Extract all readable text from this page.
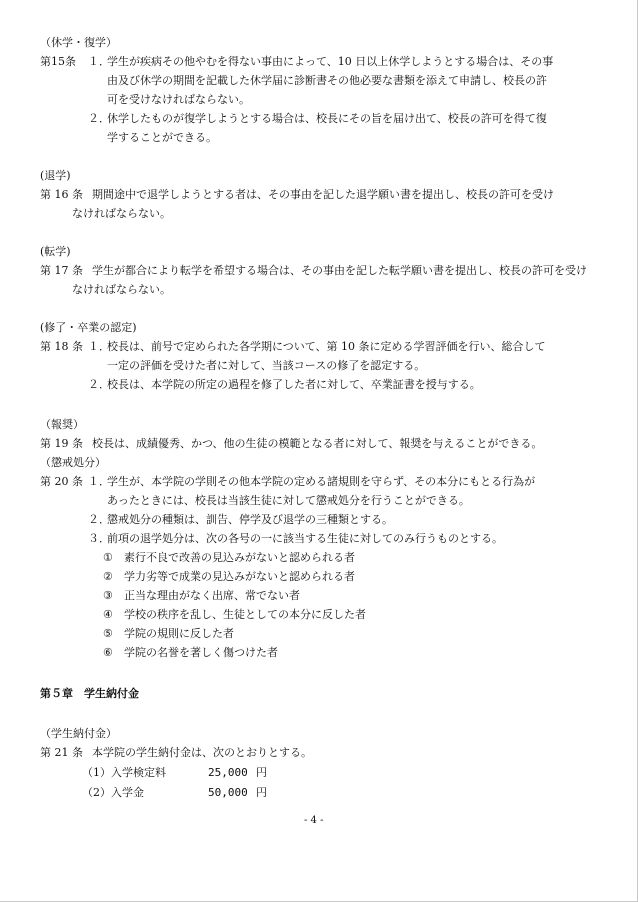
（休学・復学）
第15条 １．
学生が疾病その他やむを得ない事由によって、10 日以上休学しようとする場合は、その事
由及び休学の期間を記載した休学届に診断書その他必要な書類を添えて申請し、校長の許
可を受けなければならない。
２．
休学したものが復学しようとする場合は、校長にその旨を届け出て、校長の許可を得て復
学することができる。
(退学)
第 16 条 期間途中で退学しようとする者は、その事由を記した退学願い書を提出し、校長の許可を受け
なければならない。
(転学)
第 17 条 学生が都合により転学を希望する場合は、その事由を記した転学願い書を提出し、校長の許可を受け
なければならない。
(修了・卒業の認定)
第 18 条 １．
校長は、前号で定められた各学期について、第 10 条に定める学習評価を行い、総合して
一定の評価を受けた者に対して、当該コースの修了を認定する。
２．
校長は、本学院の所定の過程を修了した者に対して、卒業証書を授与する。
（報奨）
第 19 条 校長は、成績優秀、かつ、他の生徒の模範となる者に対して、報奨を与えることができる。
（懲戒処分）
第 20 条 １．
学生が、本学院の学則その他本学院の定める諸規則を守らず、その本分にもとる行為が
あったときには、校長は当該生徒に対して懲戒処分を行うことができる。
２．
懲戒処分の種類は、訓告、停学及び退学の三種類とする。
３．
前項の退学処分は、次の各号の一に該当する生徒に対してのみ行うものとする。
① 素行不良で改善の見込みがないと認められる者
② 学力劣等で成業の見込みがないと認められる者
③ 正当な理由がなく出席、常でない者
④ 学校の秩序を乱し、生徒としての本分に反した者
⑤ 学院の規則に反した者
⑥ 学院の名誉を著しく傷つけた者
第５章　学生納付金
（学生納付金）
第 21 条 本学院の学生納付金は、次のとおりとする。
（1）入学検定料	25,000 円
（2）入学金	50,000 円
- 4 -
